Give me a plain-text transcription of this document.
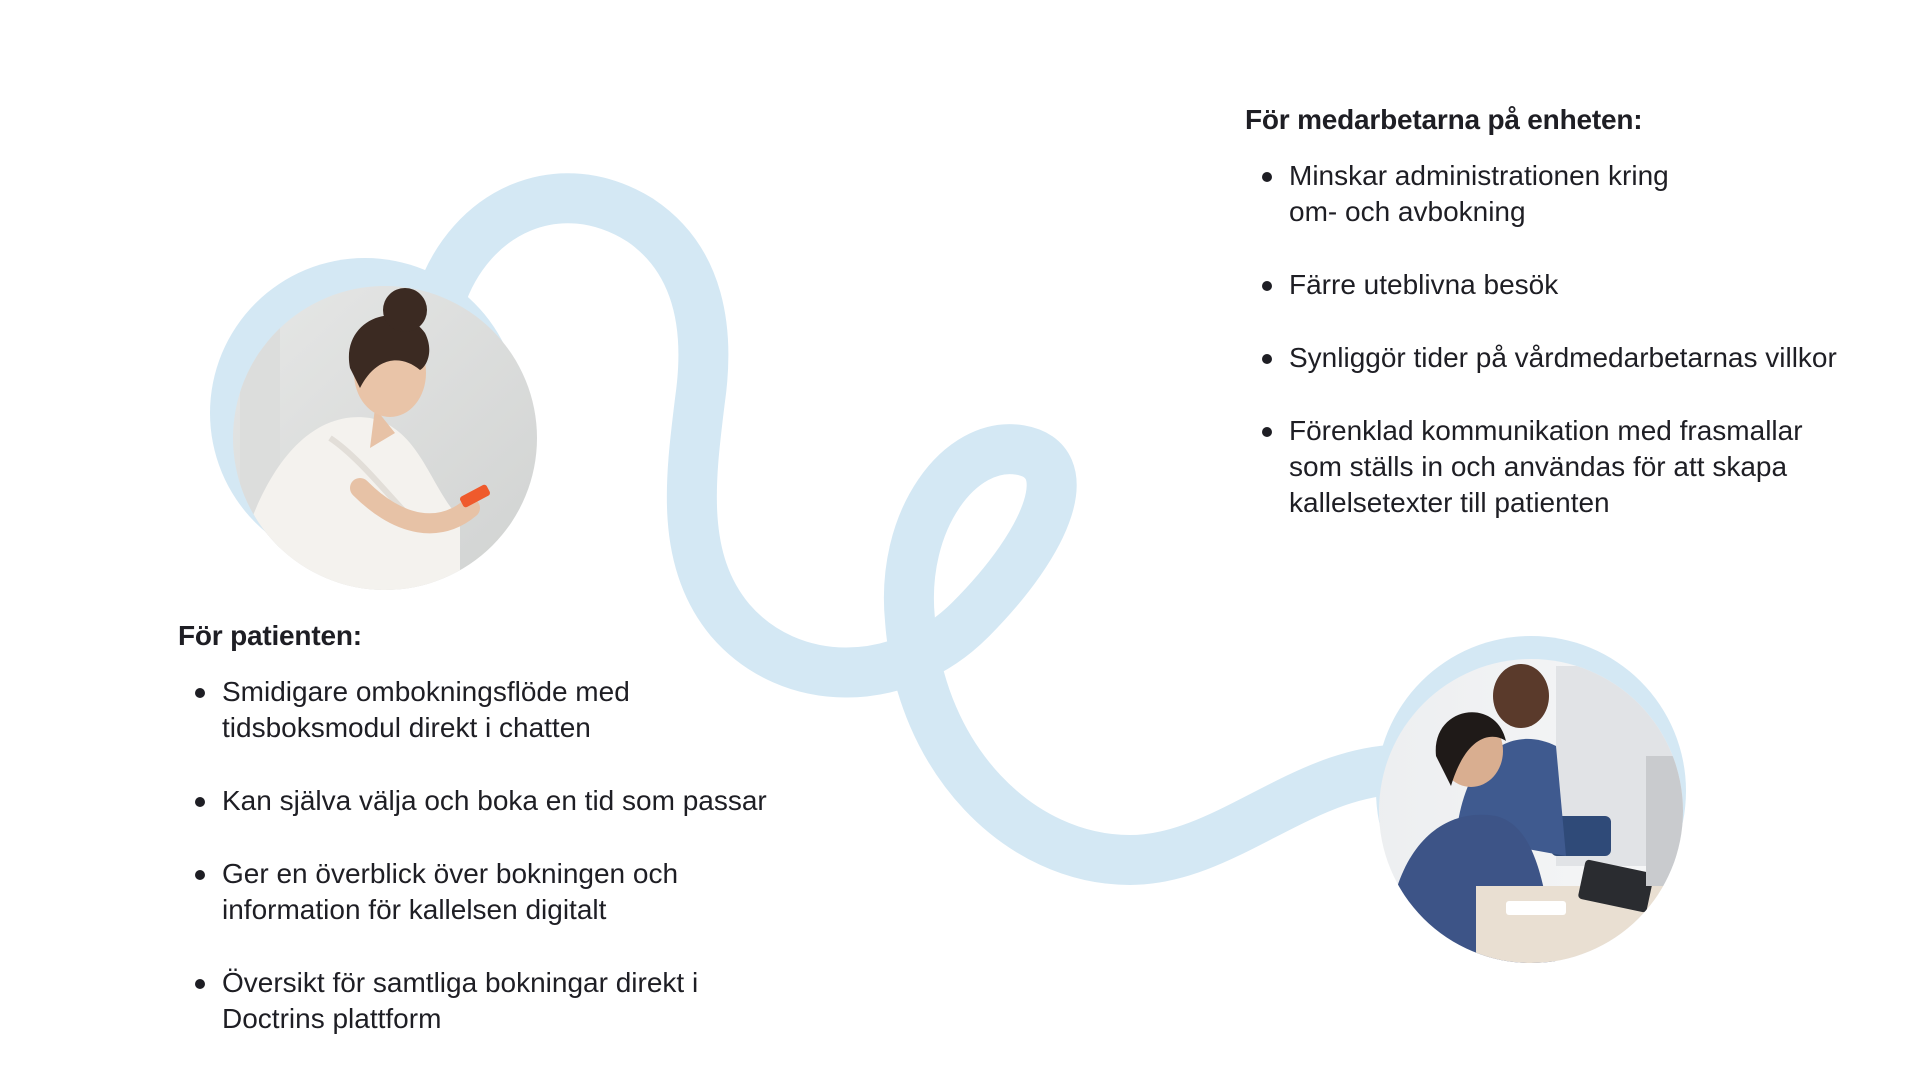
För patienten:
Smidigare ombokningsflöde med
tidsboksmodul direkt i chatten
Kan själva välja och boka en tid som passar
Ger en överblick över bokningen och
information för kallelsen digitalt
Översikt för samtliga bokningar direkt i
Doctrins plattform
För medarbetarna på enheten:
Minskar administrationen kring
om- och avbokning
Färre uteblivna besök
Synliggör tider på vårdmedarbetarnas villkor
Förenklad kommunikation med frasmallar
som ställs in och användas för att skapa
kallelsetexter till patienten
